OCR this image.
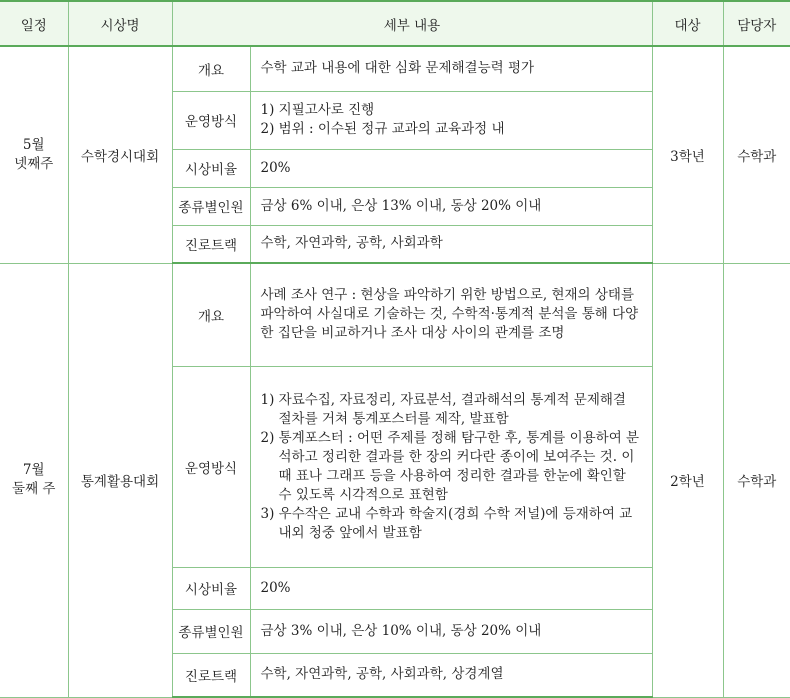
일정	시상명	세부 내용		대상	담당자

5월
넷째주	수학경시대회	개요	수학 교과 내용에 대한 심화 문제해결능력 평가	3학년	수학과
		운영방식	1) 지필고사로 진행
2) 범위 : 이수된 정규 교과의 교육과정 내		

		시상비율	20%		
		종류별인원	금상 6% 이내, 은상 13% 이내, 동상 20% 이내		
		진로트랙	수학, 자연과학, 공학, 사회과학		

7월
둘째 주	통계활용대회	개요	사례 조사 연구 : 현상을 파악하기 위한 방법으로, 현재의 상태를 파악하여 사실대로 기술하는 것, 수학적·통계적 분석을 통해 다양한 집단을 비교하거나 조사 대상 사이의 관계를 조명	2학년	수학과
		운영방식	1) 자료수집, 자료정리, 자료분석, 결과해석의 통계적 문제해결 절차를 거쳐 통계포스터를 제작, 발표함
2) 통계포스터 : 어떤 주제를 정해 탐구한 후, 통계를 이용하여 분석하고 정리한 결과를 한 장의 커다란 종이에 보여주는 것. 이때 표나 그래프 등을 사용하여 정리한 결과를 한눈에 확인할 수 있도록 시각적으로 표현함
3) 우수작은 교내 수학과 학술지(경희 수학 저널)에 등재하여 교내외 청중 앞에서 발표함		

		시상비율	20%		
		종류별인원	금상 3% 이내, 은상 10% 이내, 동상 20% 이내		
		진로트랙	수학, 자연과학, 공학, 사회과학, 상경계열		
